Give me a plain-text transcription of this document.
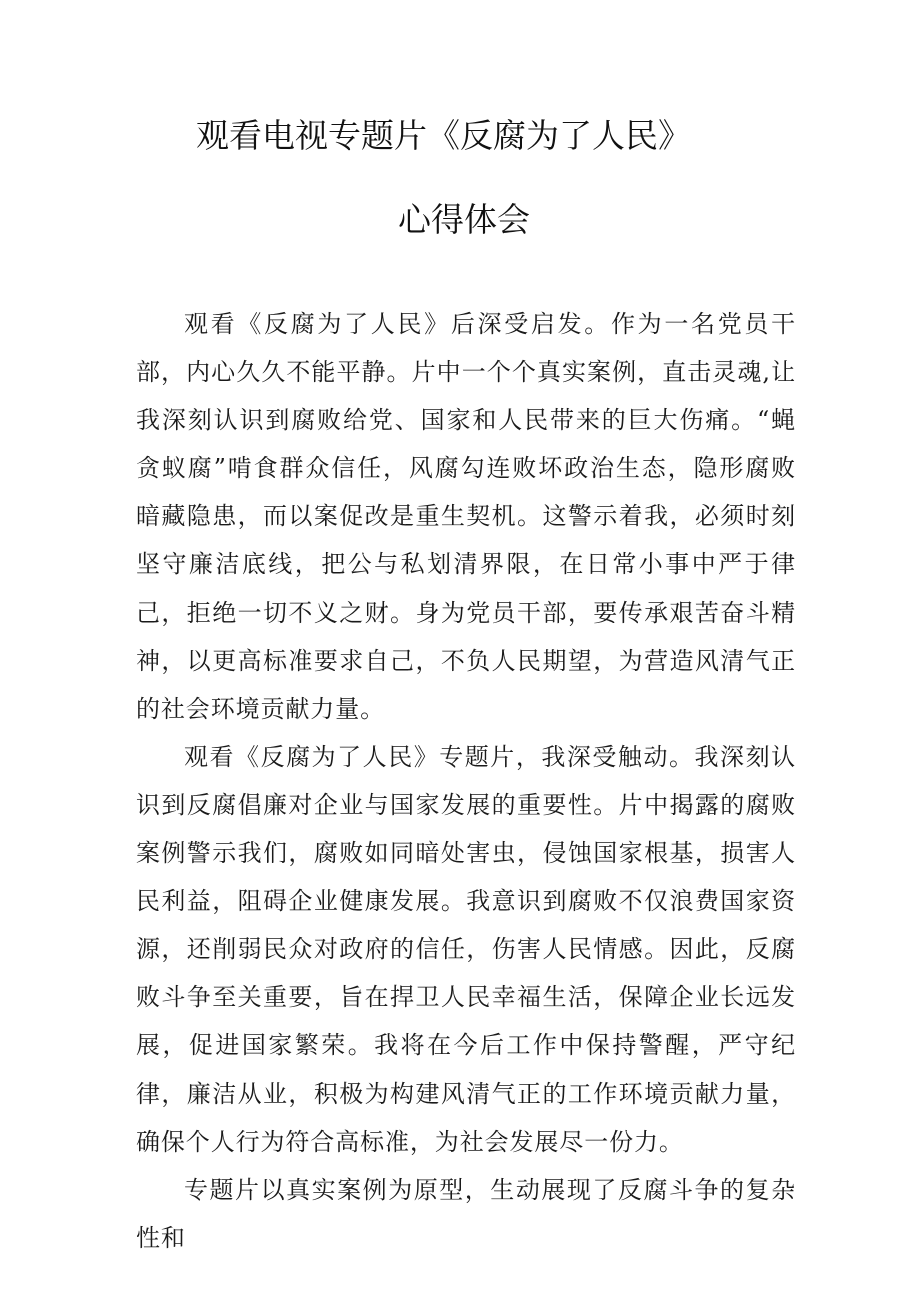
观看电视专题片《反腐为了人民》
心得体会

观看《反腐为了人民》后深受启发。作为一名党员干部，内心久久不能平静。片中一个个真实案例，直击灵魂,让我深刻认识到腐败给党、国家和人民带来的巨大伤痛。“蝇贪蚁腐”啃食群众信任，风腐勾连败坏政治生态，隐形腐败暗藏隐患，而以案促改是重生契机。这警示着我，必须时刻坚守廉洁底线，把公与私划清界限，在日常小事中严于律己，拒绝一切不义之财。身为党员干部，要传承艰苦奋斗精神，以更高标准要求自己，不负人民期望，为营造风清气正的社会环境贡献力量。

观看《反腐为了人民》专题片，我深受触动。我深刻认识到反腐倡廉对企业与国家发展的重要性。片中揭露的腐败案例警示我们，腐败如同暗处害虫，侵蚀国家根基，损害人民利益，阻碍企业健康发展。我意识到腐败不仅浪费国家资源，还削弱民众对政府的信任，伤害人民情感。因此，反腐败斗争至关重要，旨在捍卫人民幸福生活，保障企业长远发展，促进国家繁荣。我将在今后工作中保持警醒，严守纪律，廉洁从业，积极为构建风清气正的工作环境贡献力量，确保个人行为符合高标准，为社会发展尽一份力。

专题片以真实案例为原型，生动展现了反腐斗争的复杂性和
